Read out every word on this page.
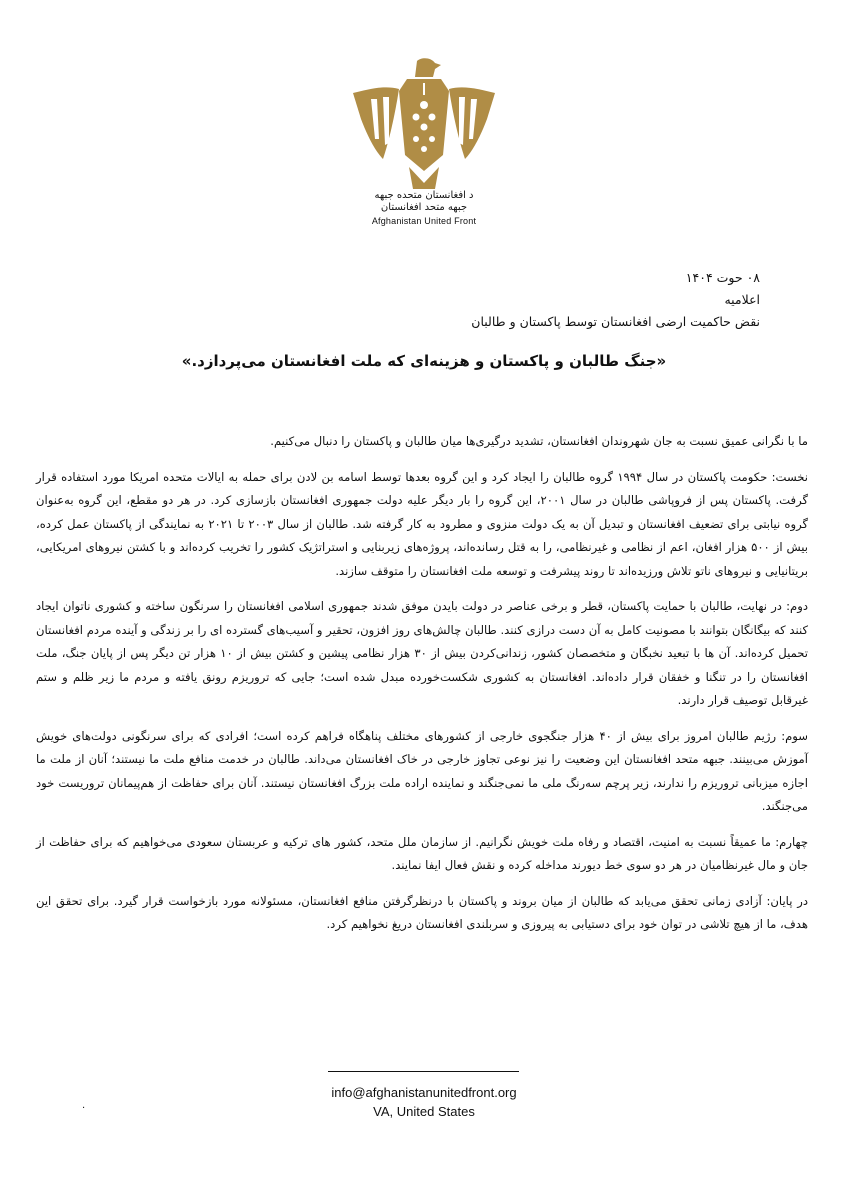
د افغانستان متحده جبهه
جبهه متحد افغانستان
Afghanistan United Front
۰۸ حوت ۱۴۰۴
اعلامیه
نقض حاکمیت ارضی افغانستان توسط پاکستان و طالبان
«جنگ طالبان و پاکستان و هزینه‌ای که ملت افغانستان می‌پردازد.»

ما با نگرانی عمیق نسبت به جان شهروندان افغانستان، تشدید درگیری‌ها میان طالبان و پاکستان را دنبال می‌کنیم.

نخست: حکومت پاکستان در سال ۱۹۹۴ گروه طالبان را ایجاد کرد و این گروه بعدها توسط اسامه بن لادن برای حمله به ایالات متحده امریکا مورد استفاده قرار گرفت. پاکستان پس از فروپاشی طالبان در سال ۲۰۰۱، این گروه را بار دیگر علیه دولت جمهوری افغانستان بازسازی کرد. در هر دو مقطع، این گروه به‌عنوان گروه نیابتی برای تضعیف افغانستان و تبدیل آن به یک دولت منزوی و مطرود به کار گرفته شد. طالبان از سال ۲۰۰۳ تا ۲۰۲۱ به نمایندگی از پاکستان عمل کرده، بیش از ۵۰۰ هزار افغان، اعم از نظامی و غیرنظامی، را به قتل رسانده‌اند، پروژه‌های زیربنایی و استراتژیک کشور را تخریب کرده‌اند و با کشتن نیروهای امریکایی، بریتانیایی و نیروهای ناتو تلاش ورزیده‌اند تا روند پیشرفت و توسعه ملت افغانستان را متوقف سازند.

دوم: در نهایت، طالبان با حمایت پاکستان، قطر و برخی عناصر در دولت بایدن موفق شدند جمهوری اسلامی افغانستان را سرنگون ساخته و کشوری ناتوان ایجاد کنند که بیگانگان بتوانند با مصونیت کامل به آن دست درازی کنند. طالبان چالش‌های روز افزون، تحقیر و آسیب‌های گسترده ای را بر زندگی و آینده مردم افغانستان تحمیل کرده‌اند. آن ها با تبعید نخبگان و متخصصان کشور، زندانی‌کردن بیش از ۳۰ هزار نظامی پیشین و کشتن بیش از ۱۰ هزار تن دیگر پس از پایان جنگ، ملت افغانستان را در تنگنا و خفقان قرار داده‌اند. افغانستان به کشوری شکست‌خورده مبدل شده است؛ جایی که تروریزم رونق یافته و مردم ما زیر ظلم و ستم غیرقابل توصیف قرار دارند.

سوم: رژیم طالبان امروز برای بیش از ۴۰ هزار جنگجوی خارجی از کشورهای مختلف پناهگاه فراهم کرده است؛ افرادی که برای سرنگونی دولت‌های خویش آموزش می‌بینند. جبهه متحد افغانستان این وضعیت را نیز نوعی تجاوز خارجی در خاک افغانستان می‌داند. طالبان در خدمت منافع ملت ما نیستند؛ آنان از ملت ما اجازه میزبانی تروریزم را ندارند، زیر پرچم سه‌رنگ ملی ما نمی‌جنگند و نماینده اراده ملت بزرگ افغانستان نیستند. آنان برای حفاظت از هم‌پیمانان تروریست خود می‌جنگند.

چهارم: ما عمیقاً نسبت به امنیت، اقتصاد و رفاه ملت خویش نگرانیم. از سازمان ملل متحد، کشور های ترکیه و عربستان سعودی می‌خواهیم که برای حفاظت از جان و مال غیرنظامیان در هر دو سوی خط دیورند مداخله کرده و نقش فعال ایفا نمایند.

در پایان: آزادی زمانی تحقق می‌یابد که طالبان از میان بروند و پاکستان با درنظرگرفتن منافع افغانستان، مسئولانه مورد بازخواست قرار گیرد. برای تحقق این هدف، ما از هیچ تلاشی در توان خود برای دستیابی به پیروزی و سربلندی افغانستان دریغ نخواهیم کرد.

info@afghanistanunitedfront.org
VA, United States
.
